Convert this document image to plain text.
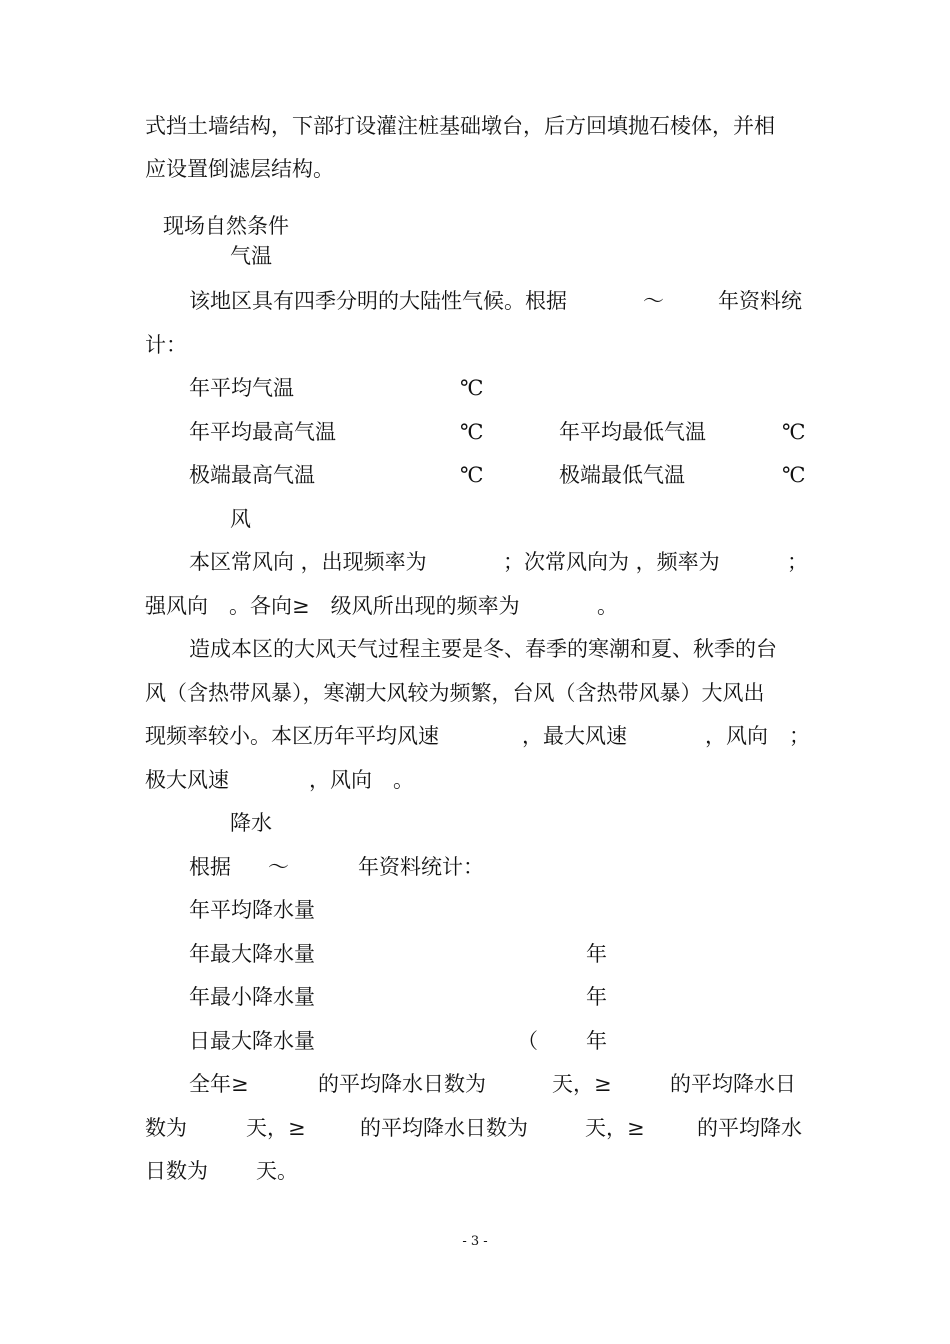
式挡土墙结构，下部打设灌注桩基础墩台，后方回填抛石棱体，并相

应设置倒滤层结构。

现场自然条件

气温

该地区具有四季分明的大陆性气候。根据	～	年资料统

计：

年平均气温	℃

年平均最高气温	℃	年平均最低气温	℃

极端最高气温	℃	极端最低气温	℃

风

本区常风向 ，出现频率为	；次常风向为 ，频率为	；

强风向　。各向≥　级风所出现的频率为	。

造成本区的大风天气过程主要是冬、春季的寒潮和夏、秋季的台

风（含热带风暴），寒潮大风较为频繁，台风（含热带风暴）大风出

现频率较小。本区历年平均风速	，最大风速	，风向　；

极大风速	，风向　。

降水

根据 ～	年资料统计：

年平均降水量

年最大降水量	年

年最小降水量	年

日最大降水量	（ 年

全年≥	的平均降水日数为	天，≥	的平均降水日

数为	天，≥	的平均降水日数为	天，≥ 的平均降水

日数为 天。

- 3 -
